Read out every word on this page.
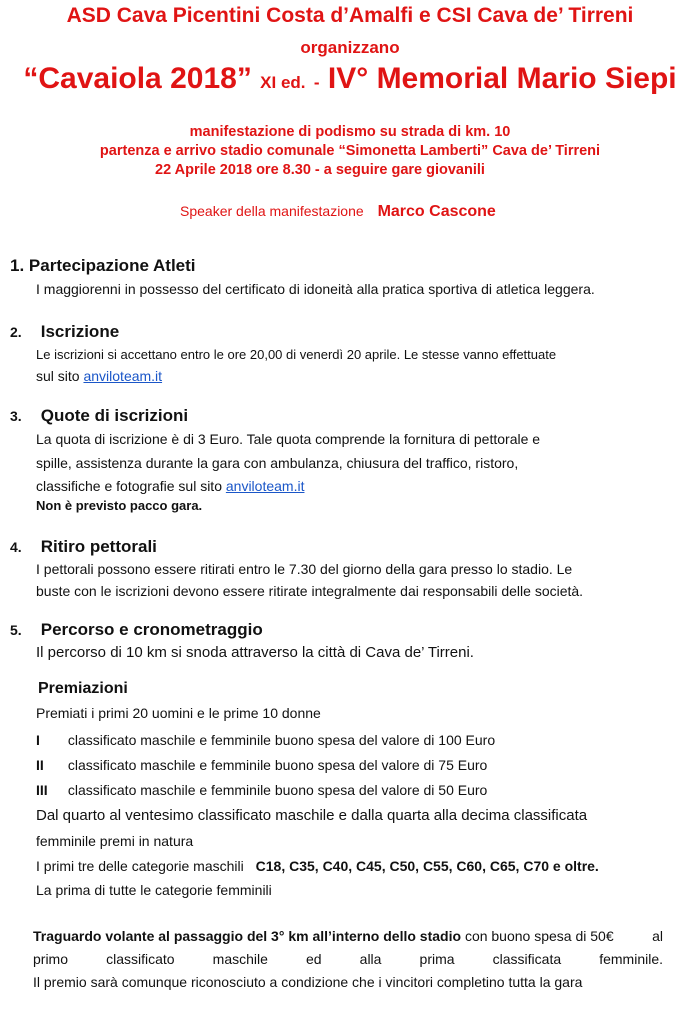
ASD Cava Picentini Costa d’Amalfi e CSI Cava de’ Tirreni
organizzano
“Cavaiola 2018” XI ed. - IV° Memorial Mario Siepi
manifestazione di podismo su strada di km. 10
partenza e arrivo stadio comunale “Simonetta Lamberti” Cava de’ Tirreni
22 Aprile 2018 ore 8.30 - a seguire gare giovanili
Speaker della manifestazione Marco Cascone
1. Partecipazione Atleti
I maggiorenni in possesso del certificato di idoneità alla pratica sportiva di atletica leggera.
2. Iscrizione
Le iscrizioni si accettano entro le ore 20,00 di venerdì 20 aprile. Le stesse vanno effettuate
sul sito anviloteam.it
3. Quote di iscrizioni
La quota di iscrizione è di 3 Euro. Tale quota comprende la fornitura di pettorale e
spille, assistenza durante la gara con ambulanza, chiusura del traffico, ristoro,
classifiche e fotografie sul sito anviloteam.it
Non è previsto pacco gara.
4. Ritiro pettorali
I pettorali possono essere ritirati entro le 7.30 del giorno della gara presso lo stadio. Le
buste con le iscrizioni devono essere ritirate integralmente dai responsabili delle società.
5. Percorso e cronometraggio
Il percorso di 10 km si snoda attraverso la città di Cava de’ Tirreni.
Premiazioni
Premiati i primi 20 uomini e le prime 10 donne
I classificato maschile e femminile buono spesa del valore di 100 Euro
II classificato maschile e femminile buono spesa del valore di 75 Euro
III classificato maschile e femminile buono spesa del valore di 50 Euro
Dal quarto al ventesimo classificato maschile e dalla quarta alla decima classificata
femminile premi in natura
I primi tre delle categorie maschili C18, C35, C40, C45, C50, C55, C60, C65, C70 e oltre.
La prima di tutte le categorie femminili
Traguardo volante al passaggio del 3° km all’interno dello stadio con buono spesa di 50€	al
primo classificato maschile ed alla prima classificata femminile.
Il premio sarà comunque riconosciuto a condizione che i vincitori completino tutta la gara
